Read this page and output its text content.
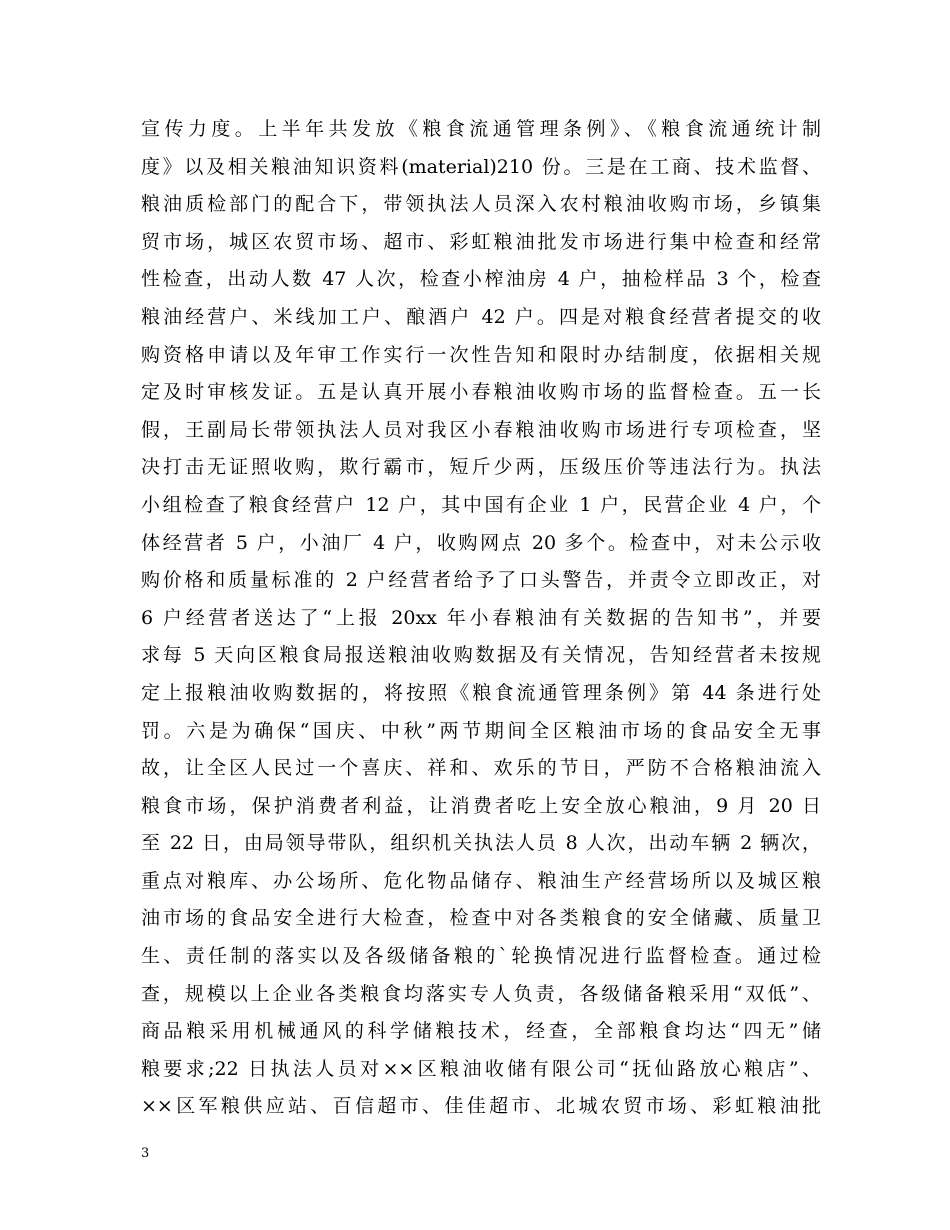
宣传力度。上半年共发放《粮食流通管理条例》、《粮食流通统计制
度》以及相关粮油知识资料(material)210 份。三是在工商、技术监督、
粮油质检部门的配合下，带领执法人员深入农村粮油收购市场，乡镇集
贸市场，城区农贸市场、超市、彩虹粮油批发市场进行集中检查和经常
性检查，出动人数 47 人次，检查小榨油房 4 户，抽检样品 3 个，检查
粮油经营户、米线加工户、酿酒户 42 户。四是对粮食经营者提交的收
购资格申请以及年审工作实行一次性告知和限时办结制度，依据相关规
定及时审核发证。五是认真开展小春粮油收购市场的监督检查。五一长
假，王副局长带领执法人员对我区小春粮油收购市场进行专项检查，坚
决打击无证照收购，欺行霸市，短斤少两，压级压价等违法行为。执法
小组检查了粮食经营户 12 户，其中国有企业 1 户，民营企业 4 户，个
体经营者 5 户，小油厂 4 户，收购网点 20 多个。检查中，对未公示收
购价格和质量标准的 2 户经营者给予了口头警告，并责令立即改正，对
6 户经营者送达了“上报 20xx 年小春粮油有关数据的告知书”，并要
求每 5 天向区粮食局报送粮油收购数据及有关情况，告知经营者未按规
定上报粮油收购数据的，将按照《粮食流通管理条例》第 44 条进行处
罚。六是为确保“国庆、中秋”两节期间全区粮油市场的食品安全无事
故，让全区人民过一个喜庆、祥和、欢乐的节日，严防不合格粮油流入
粮食市场，保护消费者利益，让消费者吃上安全放心粮油，9 月 20 日
至 22 日，由局领导带队，组织机关执法人员 8 人次，出动车辆 2 辆次，
重点对粮库、办公场所、危化物品储存、粮油生产经营场所以及城区粮
油市场的食品安全进行大检查，检查中对各类粮食的安全储藏、质量卫
生、责任制的落实以及各级储备粮的`轮换情况进行监督检查。通过检
查，规模以上企业各类粮食均落实专人负责，各级储备粮采用“双低”、
商品粮采用机械通风的科学储粮技术，经查，全部粮食均达“四无”储
粮要求;22 日执法人员对××区粮油收储有限公司“抚仙路放心粮店”、
××区军粮供应站、百信超市、佳佳超市、北城农贸市场、彩虹粮油批
3
